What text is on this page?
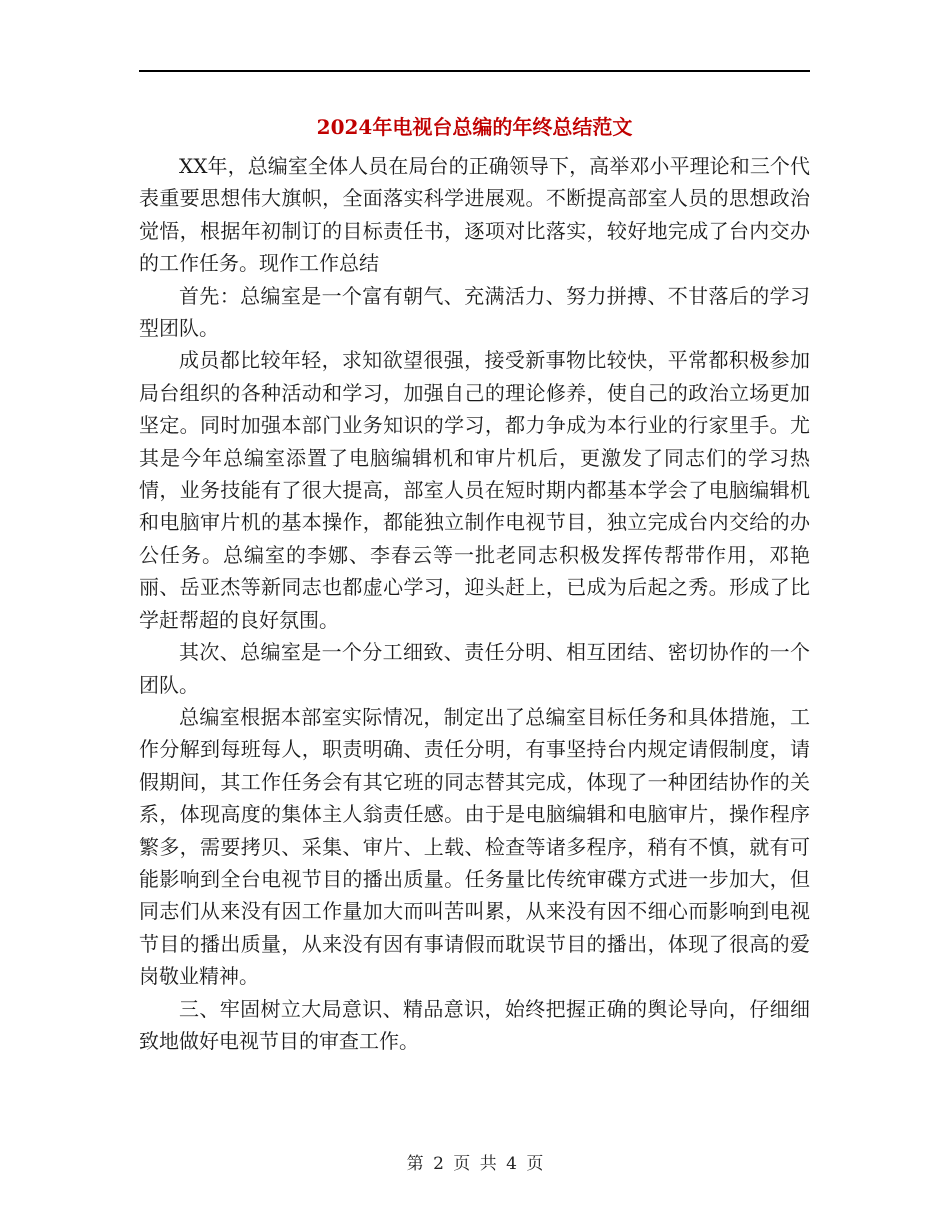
2024年电视台总编的年终总结范文

XX年，总编室全体人员在局台的正确领导下，高举邓小平理论和三个代表重要思想伟大旗帜，全面落实科学进展观。不断提高部室人员的思想政治觉悟，根据年初制订的目标责任书，逐项对比落实，较好地完成了台内交办的工作任务。现作工作总结

首先：总编室是一个富有朝气、充满活力、努力拼搏、不甘落后的学习型团队。

成员都比较年轻，求知欲望很强，接受新事物比较快，平常都积极参加局台组织的各种活动和学习，加强自己的理论修养，使自己的政治立场更加坚定。同时加强本部门业务知识的学习，都力争成为本行业的行家里手。尤其是今年总编室添置了电脑编辑机和审片机后，更激发了同志们的学习热情，业务技能有了很大提高，部室人员在短时期内都基本学会了电脑编辑机和电脑审片机的基本操作，都能独立制作电视节目，独立完成台内交给的办公任务。总编室的李娜、李春云等一批老同志积极发挥传帮带作用，邓艳丽、岳亚杰等新同志也都虚心学习，迎头赶上，已成为后起之秀。形成了比学赶帮超的良好氛围。

其次、总编室是一个分工细致、责任分明、相互团结、密切协作的一个团队。

总编室根据本部室实际情况，制定出了总编室目标任务和具体措施，工作分解到每班每人，职责明确、责任分明，有事坚持台内规定请假制度，请假期间，其工作任务会有其它班的同志替其完成，体现了一种团结协作的关系，体现高度的集体主人翁责任感。由于是电脑编辑和电脑审片，操作程序繁多，需要拷贝、采集、审片、上载、检查等诸多程序，稍有不慎，就有可能影响到全台电视节目的播出质量。任务量比传统审碟方式进一步加大，但同志们从来没有因工作量加大而叫苦叫累，从来没有因不细心而影响到电视节目的播出质量，从来没有因有事请假而耽误节目的播出，体现了很高的爱岗敬业精神。

三、牢固树立大局意识、精品意识，始终把握正确的舆论导向，仔细细致地做好电视节目的审查工作。

第 2 页 共 4 页
